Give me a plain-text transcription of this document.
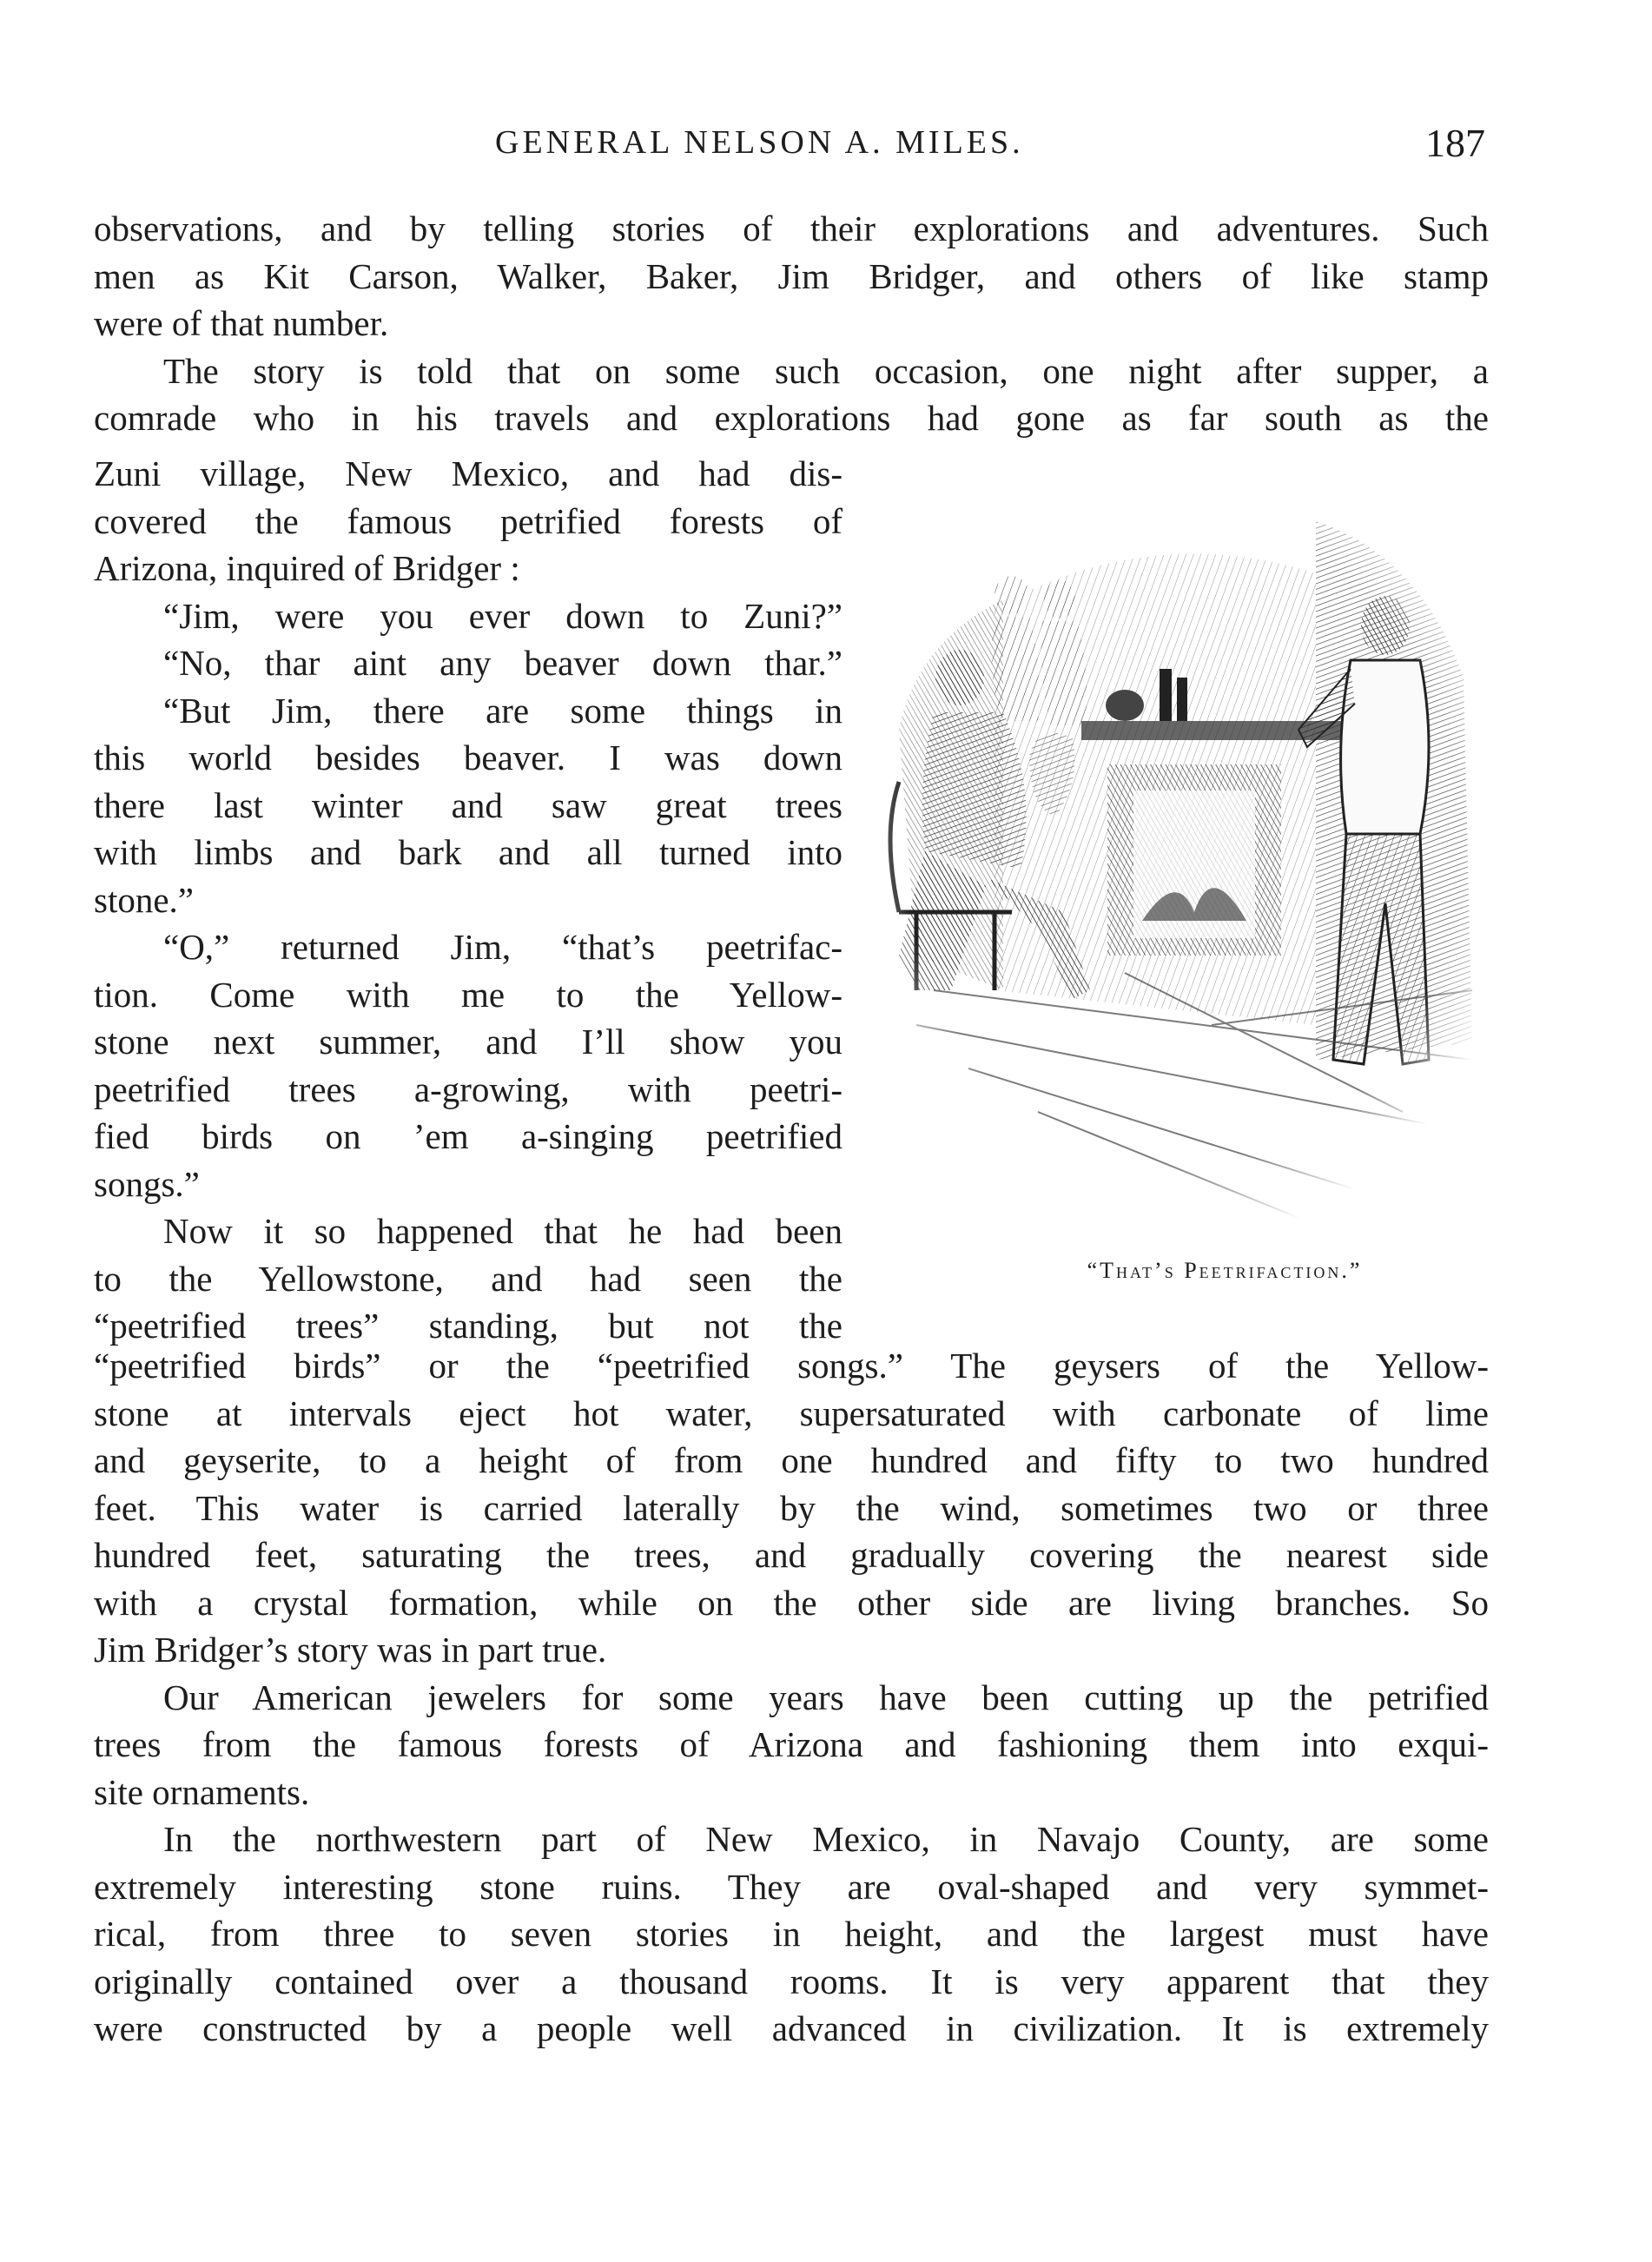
GENERAL NELSON A. MILES.	187
observations, and by telling stories of their explorations and adventures. Such
men as Kit Carson, Walker, Baker, Jim Bridger, and others of like stamp
were of that number.
The story is told that on some such occasion, one night after supper, a
comrade who in his travels and explorations had gone as far south as the
Zuni village, New Mexico, and had dis-
covered the famous petrified forests of
Arizona, inquired of Bridger :
“Jim, were you ever down to Zuni?”
“No, thar aint any beaver down thar.”
“But Jim, there are some things in
this world besides beaver. I was down
there last winter and saw great trees
with limbs and bark and all turned into
stone.”
“O,” returned Jim, “that’s peetrifac-
tion. Come with me to the Yellow-
stone next summer, and I’ll show you
peetrified trees a-growing, with peetri-
fied birds on ’em a-singing peetrified
songs.”
Now it so happened that he had been
to the Yellowstone, and had seen the
“peetrified trees” standing, but not the
“That’s Peetrifaction.”
“peetrified birds” or the “peetrified songs.” The geysers of the Yellow-
stone at intervals eject hot water, supersaturated with carbonate of lime
and geyserite, to a height of from one hundred and fifty to two hundred
feet. This water is carried laterally by the wind, sometimes two or three
hundred feet, saturating the trees, and gradually covering the nearest side
with a crystal formation, while on the other side are living branches. So
Jim Bridger’s story was in part true.
Our American jewelers for some years have been cutting up the petrified
trees from the famous forests of Arizona and fashioning them into exqui-
site ornaments.
In the northwestern part of New Mexico, in Navajo County, are some
extremely interesting stone ruins. They are oval-shaped and very symmet-
rical, from three to seven stories in height, and the largest must have
originally contained over a thousand rooms. It is very apparent that they
were constructed by a people well advanced in civilization. It is extremely
